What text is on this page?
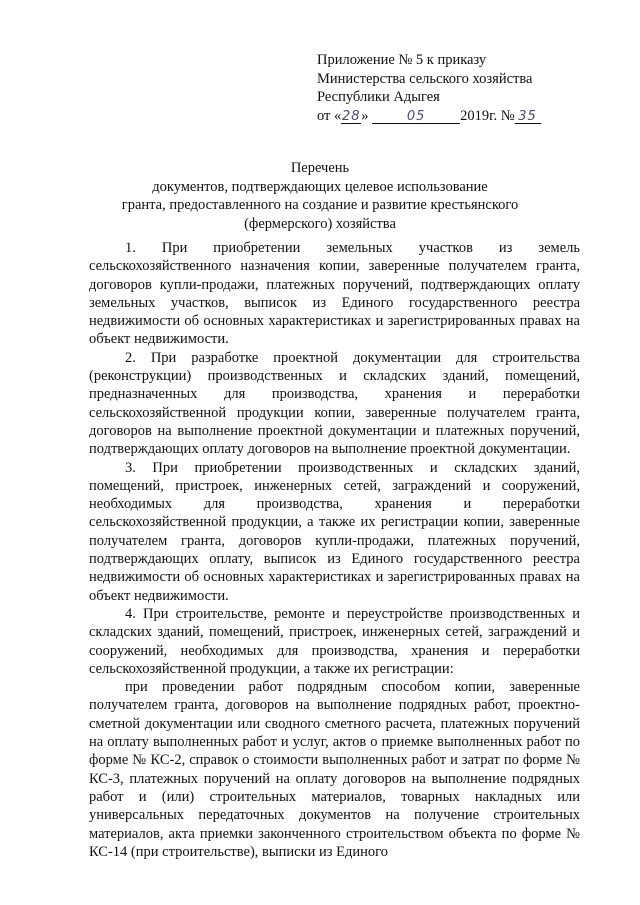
Приложение № 5 к приказу
Министерства сельского хозяйства
Республики Адыгея
от «28»	05 2019г. № 35
Перечень
документов, подтверждающих целевое использование
гранта, предоставленного на создание и развитие крестьянского
(фермерского) хозяйства

1. При приобретении земельных участков из земель сельскохозяйственного назначения копии, заверенные получателем гранта, договоров купли-продажи, платежных поручений, подтверждающих оплату земельных участков, выписок из Единого государственного реестра недвижимости об основных характеристиках и зарегистрированных правах на объект недвижимости.

2. При разработке проектной документации для строительства (реконструкции) производственных и складских зданий, помещений, предназначенных для производства, хранения и переработки сельскохозяйственной продукции копии, заверенные получателем гранта, договоров на выполнение проектной документации и платежных поручений, подтверждающих оплату договоров на выполнение проектной документации.

3. При приобретении производственных и складских зданий, помещений, пристроек, инженерных сетей, заграждений и сооружений, необходимых для производства, хранения и переработки сельскохозяйственной продукции, а также их регистрации копии, заверенные получателем гранта, договоров купли-продажи, платежных поручений, подтверждающих оплату, выписок из Единого государственного реестра недвижимости об основных характеристиках и зарегистрированных правах на объект недвижимости.

4. При строительстве, ремонте и переустройстве производственных и складских зданий, помещений, пристроек, инженерных сетей, заграждений и сооружений, необходимых для производства, хранения и переработки сельскохозяйственной продукции, а также их регистрации:

при проведении работ подрядным способом копии, заверенные получателем гранта, договоров на выполнение подрядных работ, проектно-сметной документации или сводного сметного расчета, платежных поручений на оплату выполненных работ и услуг, актов о приемке выполненных работ по форме № КС-2, справок о стоимости выполненных работ и затрат по форме № КС-3, платежных поручений на оплату договоров на выполнение подрядных работ и (или) строительных материалов, товарных накладных или универсальных передаточных документов на получение строительных материалов, акта приемки законченного строительством объекта по форме № КС-14 (при строительстве), выписки из Единого
